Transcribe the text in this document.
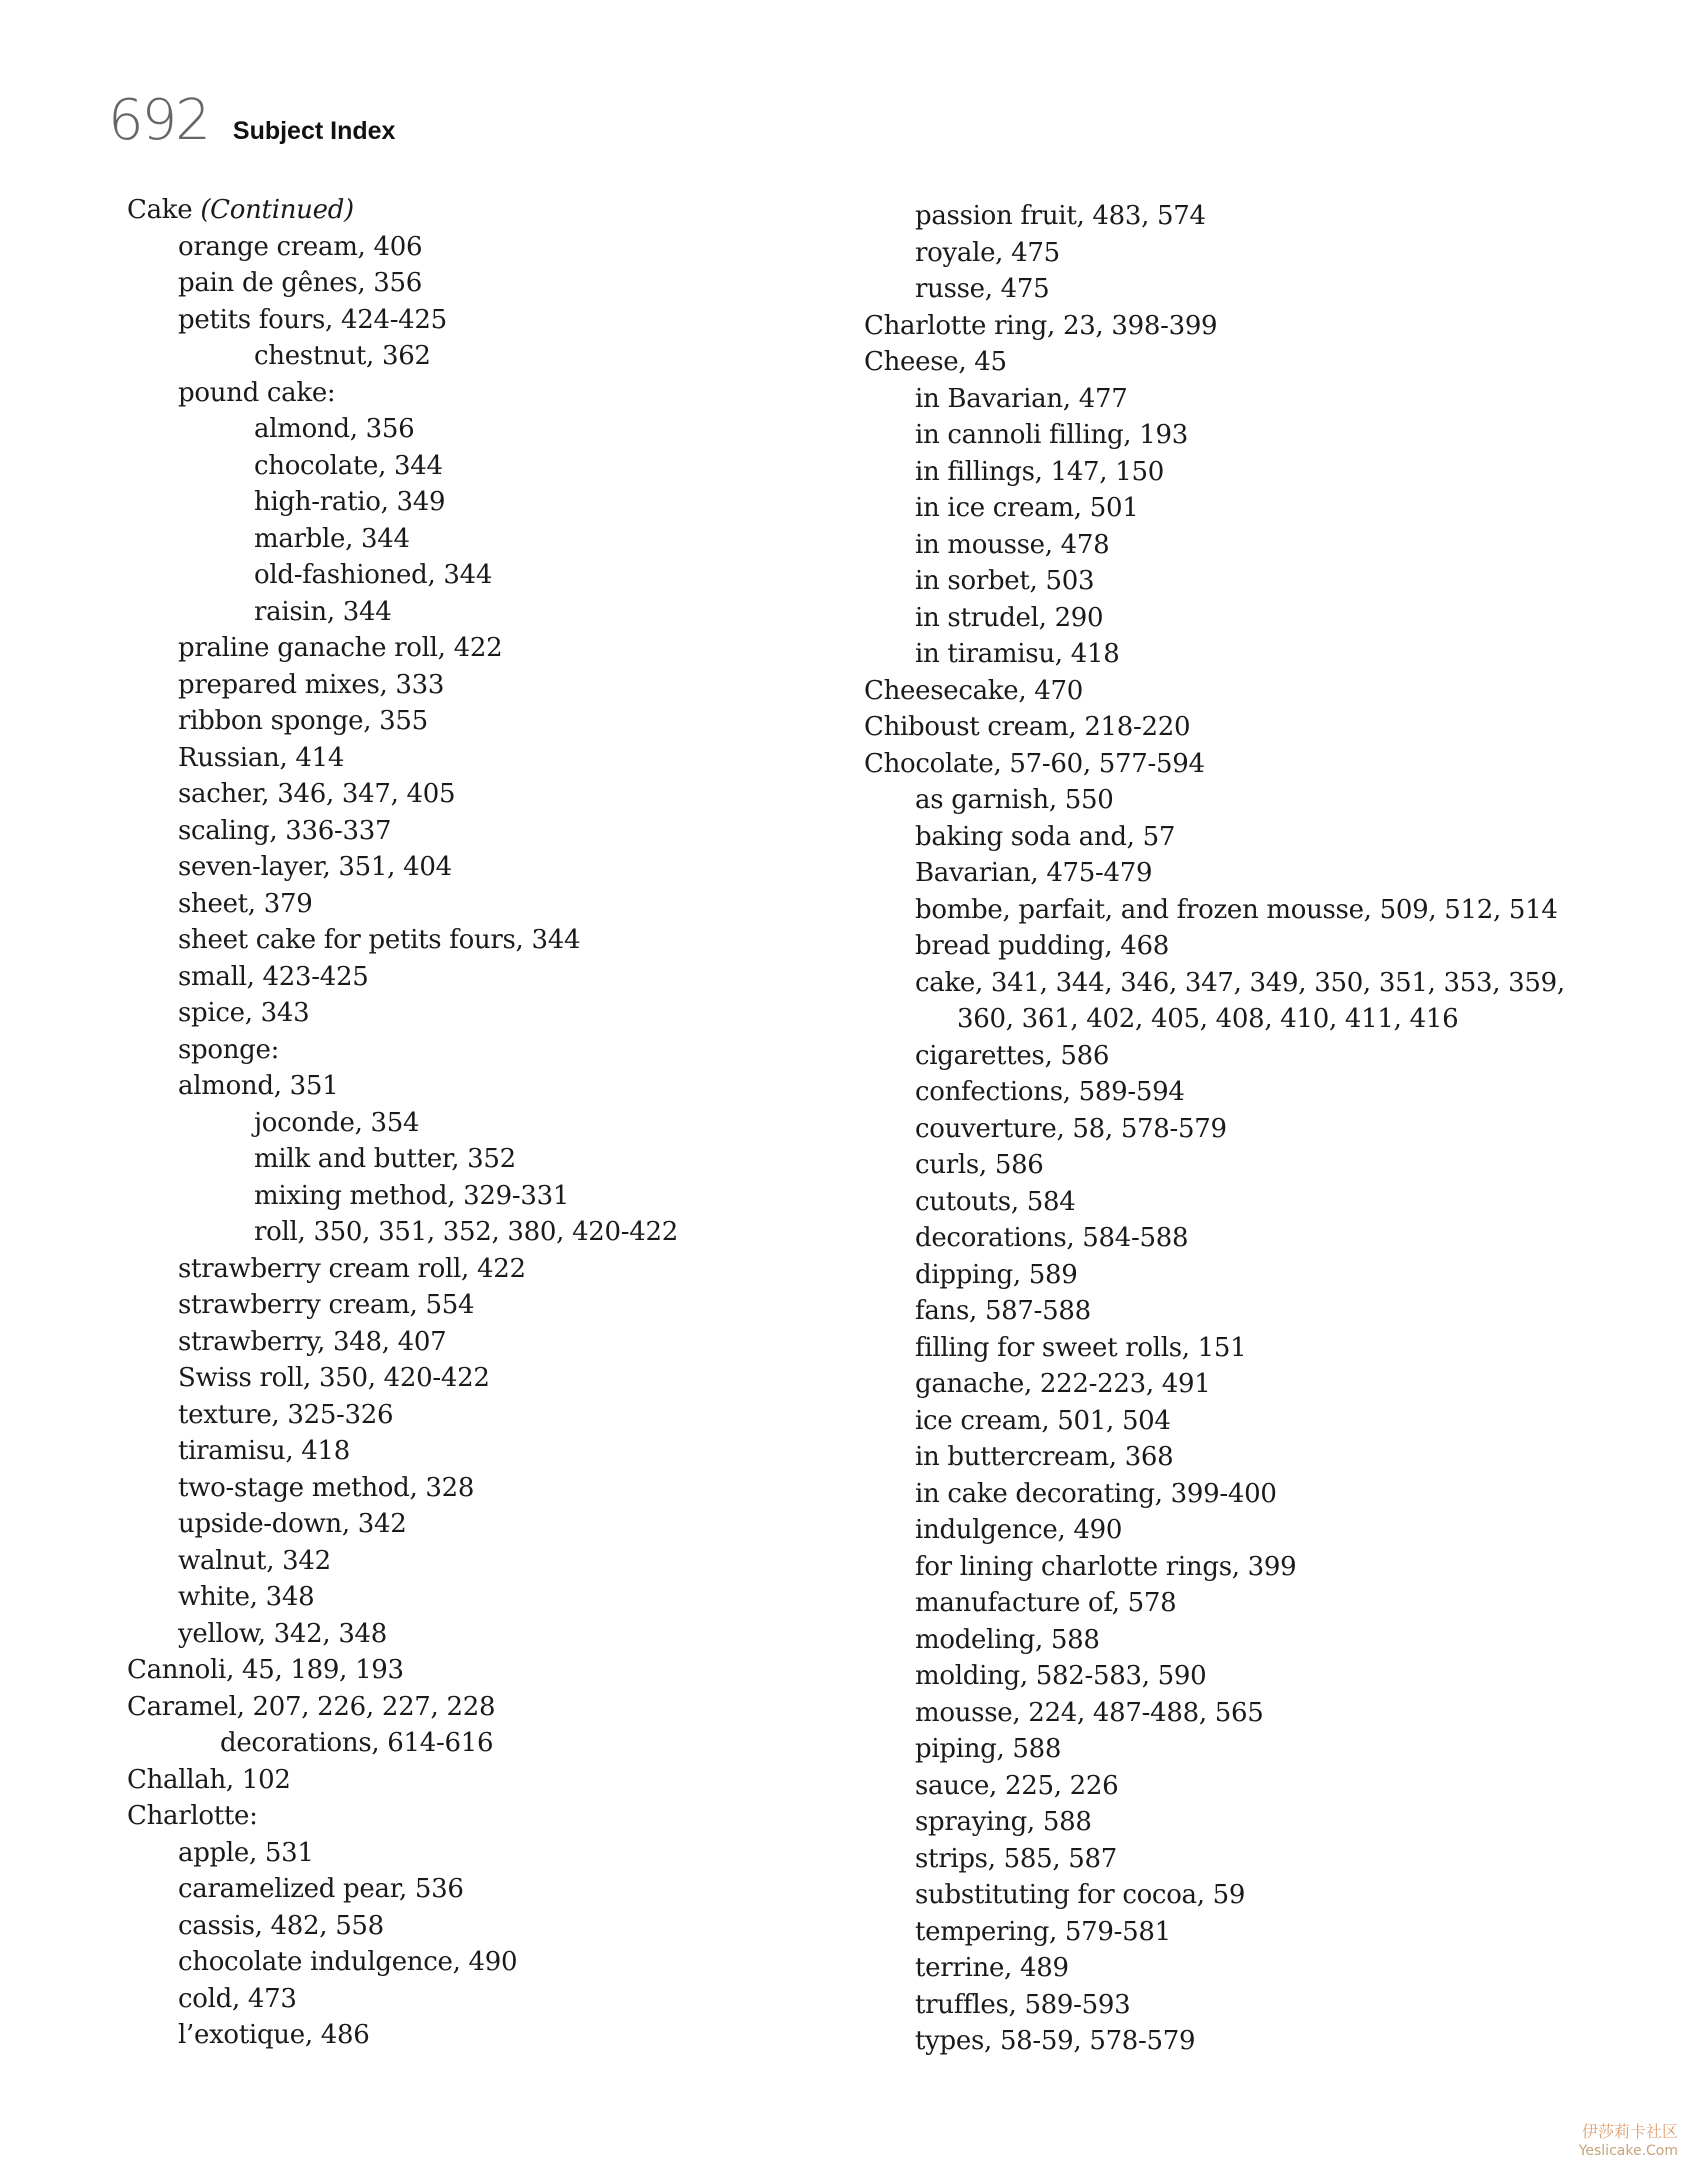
692 Subject Index
Cake (Continued)
orange cream, 406
pain de gênes, 356
petits fours, 424-425
chestnut, 362
pound cake:
almond, 356
chocolate, 344
high-ratio, 349
marble, 344
old-fashioned, 344
raisin, 344
praline ganache roll, 422
prepared mixes, 333
ribbon sponge, 355
Russian, 414
sacher, 346, 347, 405
scaling, 336-337
seven-layer, 351, 404
sheet, 379
sheet cake for petits fours, 344
small, 423-425
spice, 343
sponge:
almond, 351
joconde, 354
milk and butter, 352
mixing method, 329-331
roll, 350, 351, 352, 380, 420-422
strawberry cream roll, 422
strawberry cream, 554
strawberry, 348, 407
Swiss roll, 350, 420-422
texture, 325-326
tiramisu, 418
two-stage method, 328
upside-down, 342
walnut, 342
white, 348
yellow, 342, 348
Cannoli, 45, 189, 193
Caramel, 207, 226, 227, 228
decorations, 614-616
Challah, 102
Charlotte:
apple, 531
caramelized pear, 536
cassis, 482, 558
chocolate indulgence, 490
cold, 473
l’exotique, 486
passion fruit, 483, 574
royale, 475
russe, 475
Charlotte ring, 23, 398-399
Cheese, 45
in Bavarian, 477
in cannoli filling, 193
in fillings, 147, 150
in ice cream, 501
in mousse, 478
in sorbet, 503
in strudel, 290
in tiramisu, 418
Cheesecake, 470
Chiboust cream, 218-220
Chocolate, 57-60, 577-594
as garnish, 550
baking soda and, 57
Bavarian, 475-479
bombe, parfait, and frozen mousse, 509, 512, 514
bread pudding, 468
cake, 341, 344, 346, 347, 349, 350, 351, 353, 359,
360, 361, 402, 405, 408, 410, 411, 416
cigarettes, 586
confections, 589-594
couverture, 58, 578-579
curls, 586
cutouts, 584
decorations, 584-588
dipping, 589
fans, 587-588
filling for sweet rolls, 151
ganache, 222-223, 491
ice cream, 501, 504
in buttercream, 368
in cake decorating, 399-400
indulgence, 490
for lining charlotte rings, 399
manufacture of, 578
modeling, 588
molding, 582-583, 590
mousse, 224, 487-488, 565
piping, 588
sauce, 225, 226
spraying, 588
strips, 585, 587
substituting for cocoa, 59
tempering, 579-581
terrine, 489
truffles, 589-593
types, 58-59, 578-579
伊莎莉卡社区
Yeslicake.Com
